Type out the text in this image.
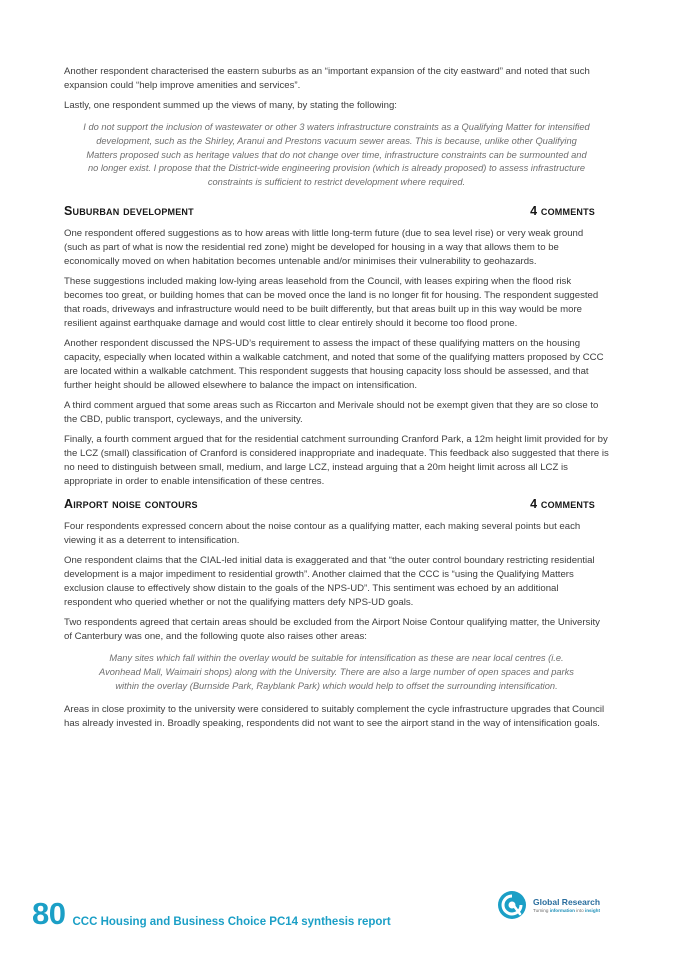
Another respondent characterised the eastern suburbs as an “important expansion of the city eastward” and noted that such expansion could “help improve amenities and services”.

Lastly, one respondent summed up the views of many, by stating the following:

I do not support the inclusion of wastewater or other 3 waters infrastructure constraints as a Qualifying Matter for intensified development, such as the Shirley, Aranui and Prestons vacuum sewer areas. This is because, unlike other Qualifying Matters proposed such as heritage values that do not change over time, infrastructure constraints can be surmounted and no longer exist. I propose that the District-wide engineering provision (which is already proposed) to assess infrastructure constraints is sufficient to restrict development where required.

Suburban development	4 comments

One respondent offered suggestions as to how areas with little long-term future (due to sea level rise) or very weak ground (such as part of what is now the residential red zone) might be developed for housing in a way that allows them to be economically moved on when habitation becomes untenable and/or minimises their vulnerability to geohazards.

These suggestions included making low-lying areas leasehold from the Council, with leases expiring when the flood risk becomes too great, or building homes that can be moved once the land is no longer fit for housing. The respondent suggested that roads, driveways and infrastructure would need to be built differently, but that areas built up in this way would be more resilient against earthquake damage and would cost little to clear entirely should it become too flood prone.

Another respondent discussed the NPS-UD’s requirement to assess the impact of these qualifying matters on the housing capacity, especially when located within a walkable catchment, and noted that some of the qualifying matters proposed by CCC are located within a walkable catchment. This respondent suggests that housing capacity loss should be assessed, and that further height should be allowed elsewhere to balance the impact on intensification.

A third comment argued that some areas such as Riccarton and Merivale should not be exempt given that they are so close to the CBD, public transport, cycleways, and the university.

Finally, a fourth comment argued that for the residential catchment surrounding Cranford Park, a 12m height limit provided for by the LCZ (small) classification of Cranford is considered inappropriate and inadequate. This feedback also suggested that there is no need to distinguish between small, medium, and large LCZ, instead arguing that a 20m height limit across all LCZ is appropriate in order to enable intensification of these centres.

Airport noise contours	4 comments

Four respondents expressed concern about the noise contour as a qualifying matter, each making several points but each viewing it as a deterrent to intensification.

One respondent claims that the CIAL-led initial data is exaggerated and that “the outer control boundary restricting residential development is a major impediment to residential growth”. Another claimed that the CCC is “using the Qualifying Matters exclusion clause to effectively show distain to the goals of the NPS-UD”. This sentiment was echoed by an additional respondent who queried whether or not the qualifying matters defy NPS-UD goals.

Two respondents agreed that certain areas should be excluded from the Airport Noise Contour qualifying matter, the University of Canterbury was one, and the following quote also raises other areas:

Many sites which fall within the overlay would be suitable for intensification as these are near local centres (i.e. Avonhead Mall, Waimairi shops) along with the University. There are also a large number of open spaces and parks within the overlay (Burnside Park, Rayblank Park) which would help to offset the surrounding intensification.

Areas in close proximity to the university were considered to suitably complement the cycle infrastructure upgrades that Council has already invested in. Broadly speaking, respondents did not want to see the airport stand in the way of intensification goals.

80 CCC Housing and Business Choice PC14 synthesis report
Global Research
Turning information into insight
